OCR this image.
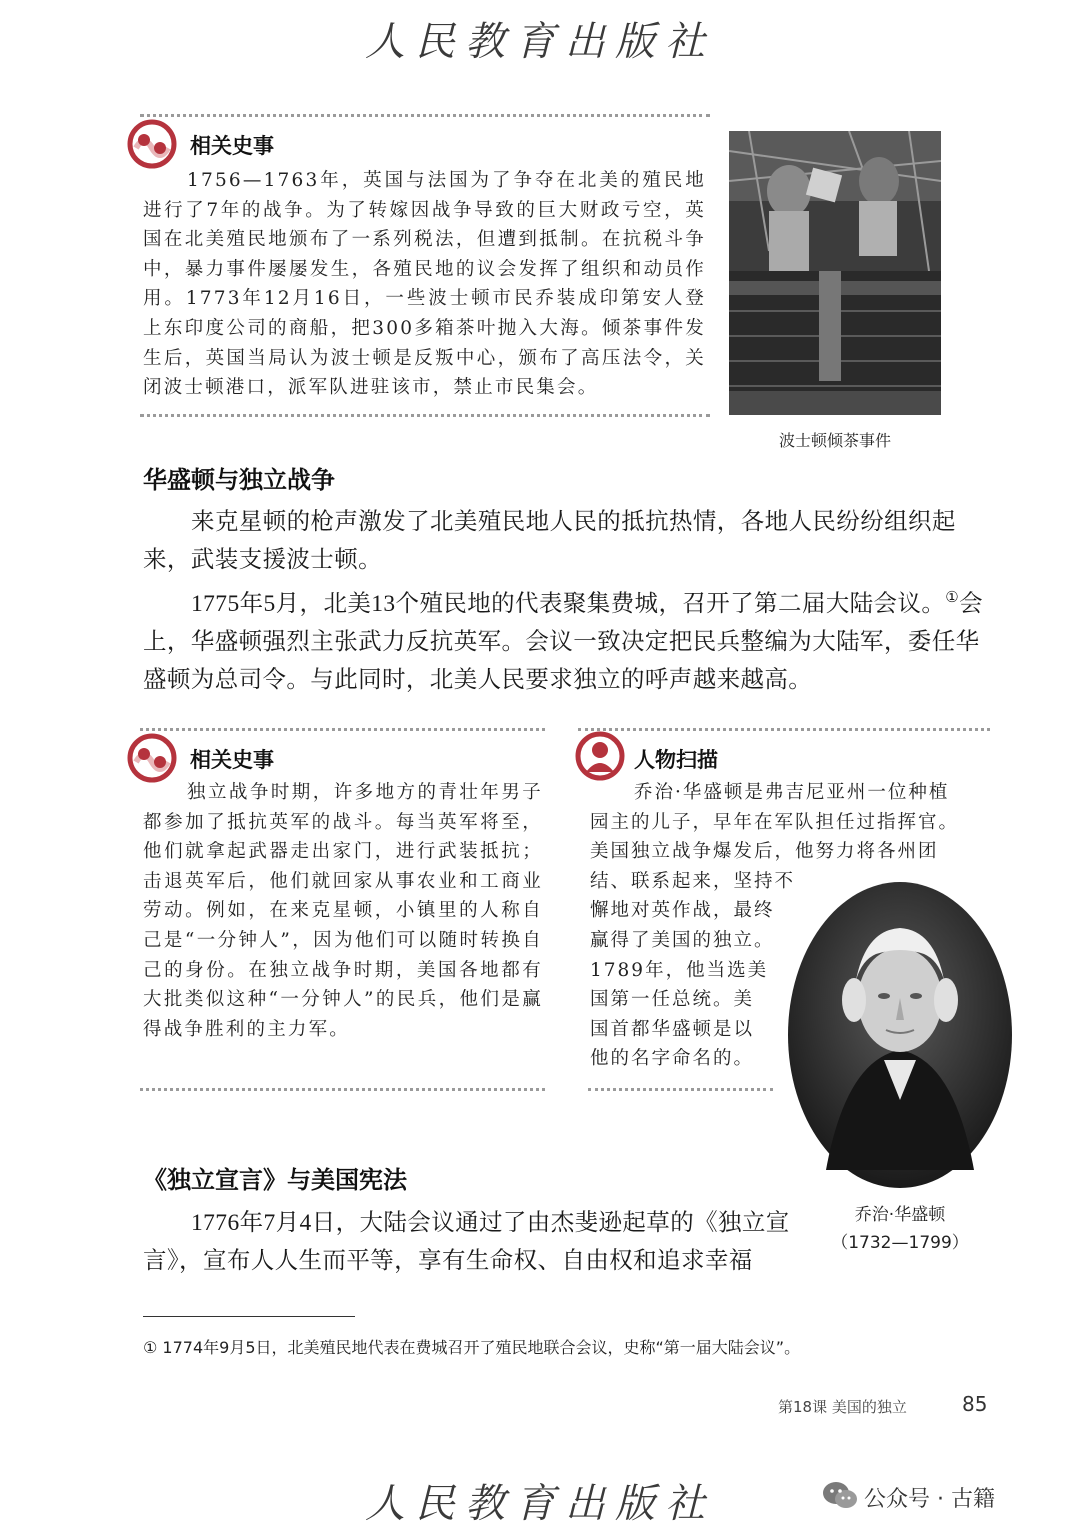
人民教育出版社
相关史事
1756—1763年，英国与法国为了争夺在北美的殖民地进行了7年的战争。为了转嫁因战争导致的巨大财政亏空，英国在北美殖民地颁布了一系列税法，但遭到抵制。在抗税斗争中，暴力事件屡屡发生，各殖民地的议会发挥了组织和动员作用。1773年12月16日，一些波士顿市民乔装成印第安人登上东印度公司的商船，把300多箱茶叶抛入大海。倾茶事件发生后，英国当局认为波士顿是反叛中心，颁布了高压法令，关闭波士顿港口，派军队进驻该市，禁止市民集会。
波士顿倾茶事件
华盛顿与独立战争

来克星顿的枪声激发了北美殖民地人民的抵抗热情，各地人民纷纷组织起来，武装支援波士顿。

1775年5月，北美13个殖民地的代表聚集费城，召开了第二届大陆会议。①会上，华盛顿强烈主张武力反抗英军。会议一致决定把民兵整编为大陆军，委任华盛顿为总司令。与此同时，北美人民要求独立的呼声越来越高。

相关史事
独立战争时期，许多地方的青壮年男子都参加了抵抗英军的战斗。每当英军将至，他们就拿起武器走出家门，进行武装抵抗；击退英军后，他们就回家从事农业和工商业劳动。例如，在来克星顿，小镇里的人称自己是“一分钟人”，因为他们可以随时转换自己的身份。在独立战争时期，美国各地都有大批类似这种“一分钟人”的民兵，他们是赢得战争胜利的主力军。
人物扫描
乔治·华盛顿是弗吉尼亚州一位种植
园主的儿子，早年在军队担任过指挥官。
美国独立战争爆发后，他努力将各州团
结、联系起来，坚持不
懈地对英作战，最终
赢得了美国的独立。
1789年，他当选美
国第一任总统。美
国首都华盛顿是以
他的名字命名的。
乔治·华盛顿
（1732—1799）
《独立宣言》与美国宪法

1776年7月4日，大陆会议通过了由杰斐逊起草的《独立宣言》，宣布人人生而平等，享有生命权、自由权和追求幸福

① 1774年9月5日，北美殖民地代表在费城召开了殖民地联合会议，史称“第一届大陆会议”。
第18课 美国的独立	85
人民教育出版社	公众号 · 古籍
